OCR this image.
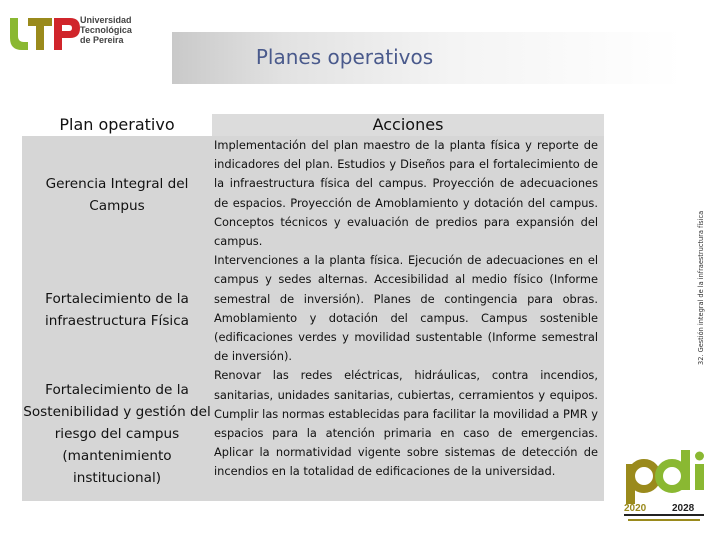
Universidad
Tecnológica
de Pereira
Planes operativos
Plan operativo	Acciones
Gerencia Integral del Campus
Fortalecimiento de la infraestructura Física
Fortalecimiento de la Sostenibilidad y gestión del riesgo del campus (mantenimiento institucional)

Implementación del plan maestro de la planta física y reporte de indicadores del plan. Estudios y Diseños para el fortalecimiento de la infraestructura física del campus. Proyección de adecuaciones de espacios. Proyección de Amoblamiento y dotación del campus. Conceptos técnicos y evaluación de predios para expansión del campus.

Intervenciones a la planta física. Ejecución de adecuaciones en el campus y sedes alternas. Accesibilidad al medio físico (Informe semestral de inversión). Planes de contingencia para obras. Amoblamiento y dotación del campus. Campus sostenible (edificaciones verdes y movilidad sustentable (Informe semestral de inversión).

Renovar las redes eléctricas, hidráulicas, contra incendios, sanitarias, unidades sanitarias, cubiertas, cerramientos y equipos. Cumplir las normas establecidas para facilitar la movilidad a PMR y espacios para la atención primaria en caso de emergencias. Aplicar la normatividad vigente sobre sistemas de detección de incendios en la totalidad de edificaciones de la universidad.

32. Gestión integral de la infraestructura física
2020	2028
